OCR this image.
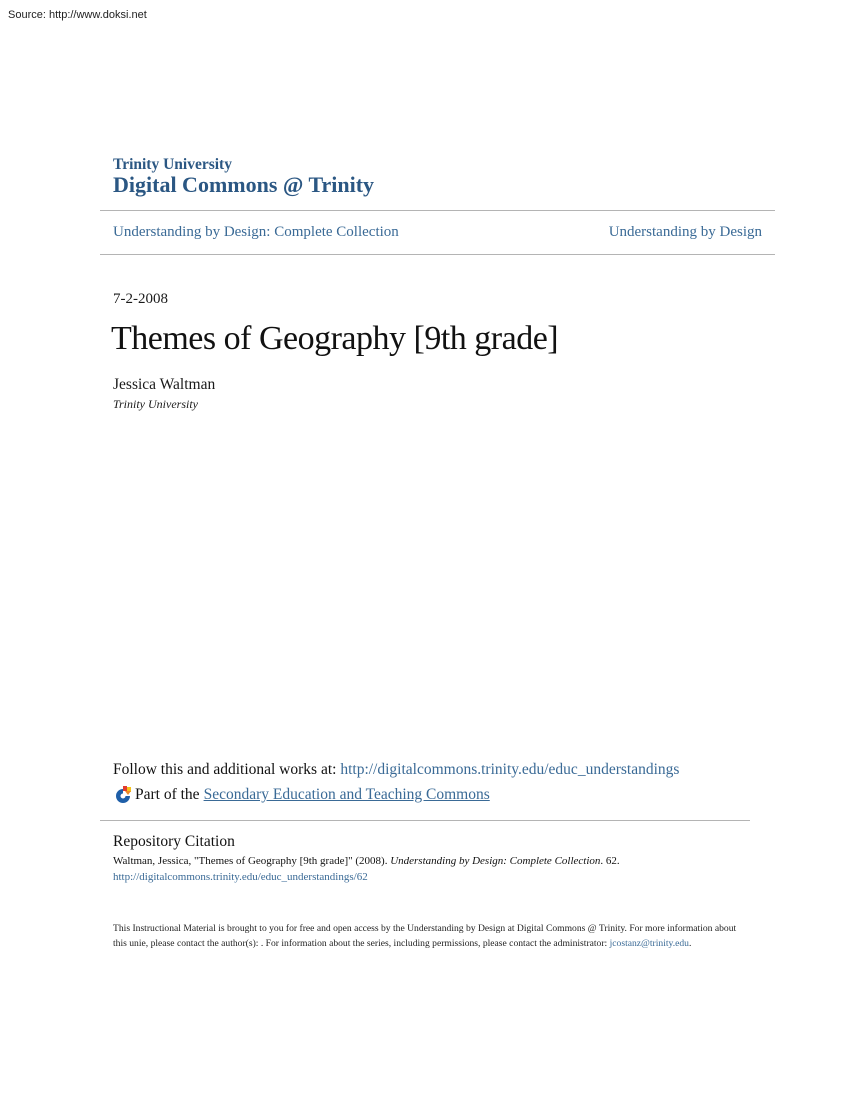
Source: http://www.doksi.net
Trinity University
Digital Commons @ Trinity
Understanding by Design: Complete Collection	Understanding by Design
7-2-2008
Themes of Geography [9th grade]
Jessica Waltman
Trinity University
Follow this and additional works at: http://digitalcommons.trinity.edu/educ_understandings
Part of the Secondary Education and Teaching Commons
Repository Citation
Waltman, Jessica, "Themes of Geography [9th grade]" (2008). Understanding by Design: Complete Collection. 62.
http://digitalcommons.trinity.edu/educ_understandings/62
This Instructional Material is brought to you for free and open access by the Understanding by Design at Digital Commons @ Trinity. For more information about this unie, please contact the author(s): . For information about the series, including permissions, please contact the administrator: jcostanz@trinity.edu.
